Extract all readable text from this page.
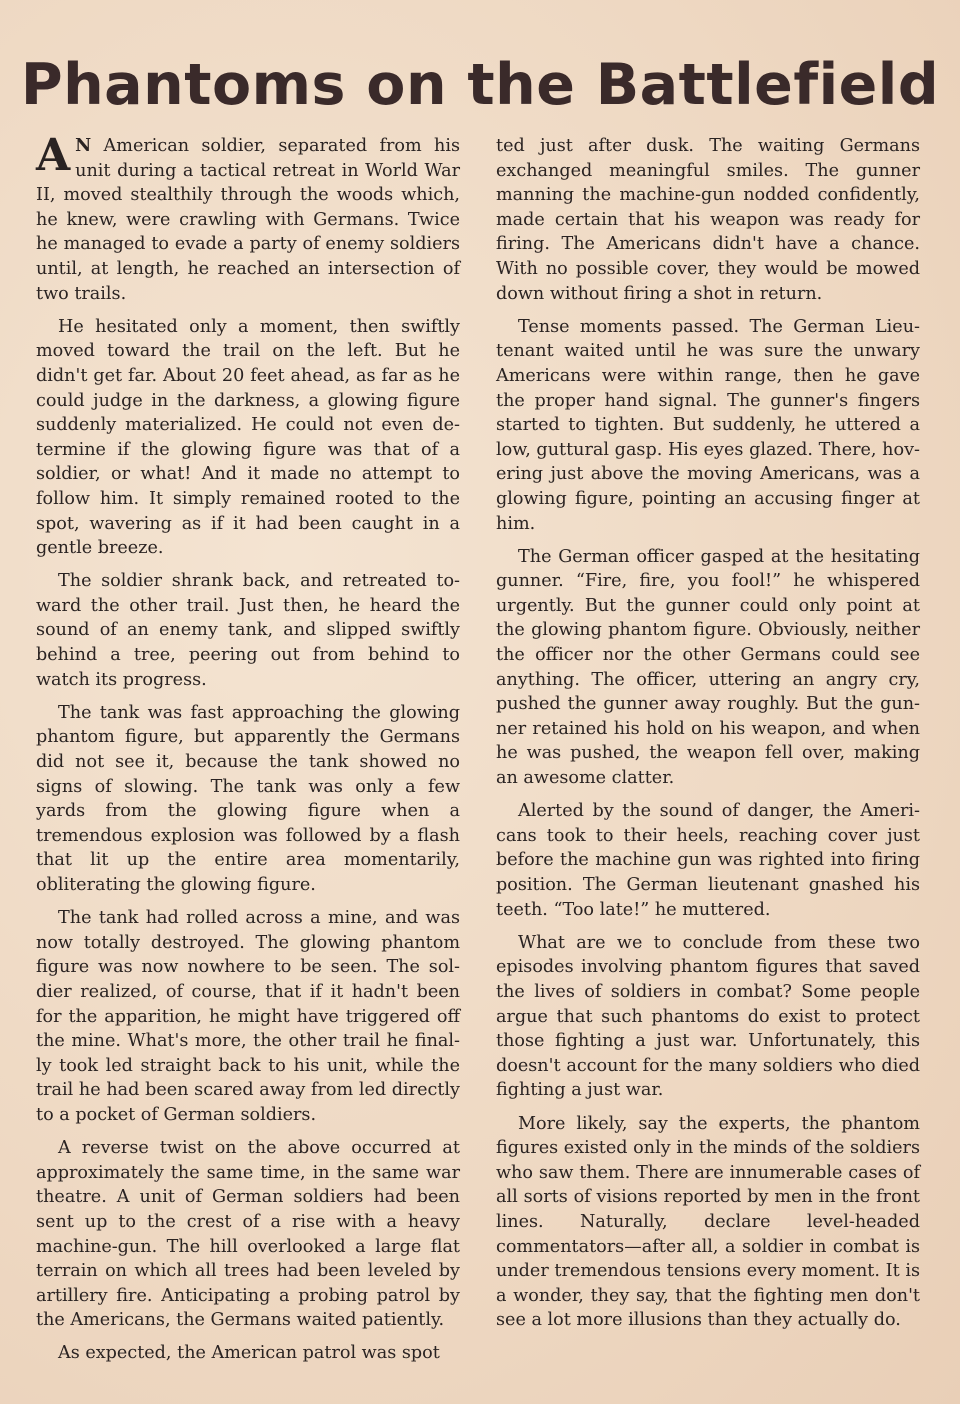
Phantoms on the Battlefield

A N American soldier, separated from his unit during a tactical retreat in World War II, moved stealthily through the woods which, he knew, were crawling with Germans. Twice he managed to evade a party of enemy soldiers until, at length, he reached an intersection of two trails.

He hesitated only a moment, then swiftly moved toward the trail on the left. But he didn't get far. About 20 feet ahead, as far as he could judge in the darkness, a glowing figure suddenly materialized. He could not even determine if the glowing figure was that of a soldier, or what! And it made no attempt to follow him. It simply remained rooted to the spot, wavering as if it had been caught in a gentle breeze.

The soldier shrank back, and retreated toward the other trail. Just then, he heard the sound of an enemy tank, and slipped swiftly behind a tree, peering out from behind to watch its progress.

The tank was fast approaching the glowing phantom figure, but apparently the Germans did not see it, because the tank showed no signs of slowing. The tank was only a few yards from the glowing figure when a tremendous explosion was followed by a flash that lit up the entire area momentarily, obliterating the glowing figure.

The tank had rolled across a mine, and was now totally destroyed. The glowing phantom figure was now nowhere to be seen. The soldier realized, of course, that if it hadn't been for the apparition, he might have triggered off the mine. What's more, the other trail he finally took led straight back to his unit, while the trail he had been scared away from led directly to a pocket of German soldiers.

A reverse twist on the above occurred at approximately the same time, in the same war theatre. A unit of German soldiers had been sent up to the crest of a rise with a heavy machine-gun. The hill overlooked a large flat terrain on which all trees had been leveled by artillery fire. Anticipating a probing patrol by the Americans, the Germans waited patiently.

As expected, the American patrol was spot

ted just after dusk. The waiting Germans exchanged meaningful smiles. The gunner manning the machine-gun nodded confidently, made certain that his weapon was ready for firing. The Americans didn't have a chance. With no possible cover, they would be mowed down without firing a shot in return.

Tense moments passed. The German Lieutenant waited until he was sure the unwary Americans were within range, then he gave the proper hand signal. The gunner's fingers started to tighten. But suddenly, he uttered a low, guttural gasp. His eyes glazed. There, hovering just above the moving Americans, was a glowing figure, pointing an accusing finger at him.

The German officer gasped at the hesitating gunner. “Fire, fire, you fool!” he whispered urgently. But the gunner could only point at the glowing phantom figure. Obviously, neither the officer nor the other Germans could see anything. The officer, uttering an angry cry, pushed the gunner away roughly. But the gunner retained his hold on his weapon, and when he was pushed, the weapon fell over, making an awesome clatter.

Alerted by the sound of danger, the Americans took to their heels, reaching cover just before the machine gun was righted into firing position. The German lieutenant gnashed his teeth. “Too late!” he muttered.

What are we to conclude from these two episodes involving phantom figures that saved the lives of soldiers in combat? Some people argue that such phantoms do exist to protect those fighting a just war. Unfortunately, this doesn't account for the many soldiers who died fighting a just war.

More likely, say the experts, the phantom figures existed only in the minds of the soldiers who saw them. There are innumerable cases of all sorts of visions reported by men in the front lines. Naturally, declare level-headed commentators—after all, a soldier in combat is under tremendous tensions every moment. It is a wonder, they say, that the fighting men don't see a lot more illusions than they actually do.
